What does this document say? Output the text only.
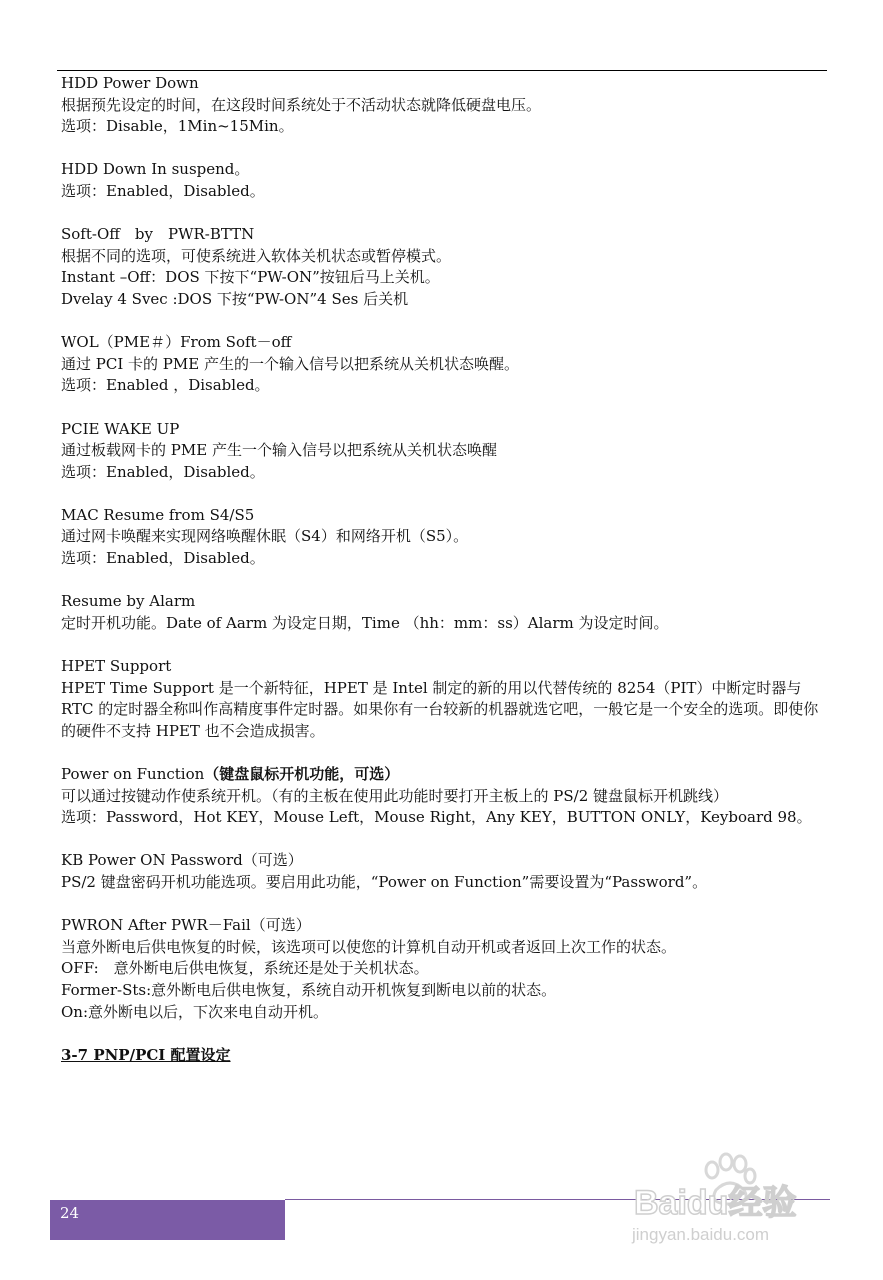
HDD Power Down
根据预先设定的时间，在这段时间系统处于不活动状态就降低硬盘电压。
选项：Disable，1Min~15Min。
HDD Down In suspend。
选项：Enabled，Disabled。
Soft-Off　by　PWR-BTTN
根据不同的选项，可使系统进入软体关机状态或暂停模式。
Instant –Off：DOS 下按下“PW-ON”按钮后马上关机。
Dvelay 4 Svec :DOS 下按“PW-ON”4 Ses 后关机
WOL（PME＃）From Soft－off
通过 PCI 卡的 PME 产生的一个输入信号以把系统从关机状态唤醒。
选项：Enabled ，Disabled。
PCIE WAKE UP
通过板载网卡的 PME 产生一个输入信号以把系统从关机状态唤醒
选项：Enabled，Disabled。
MAC Resume from S4/S5
通过网卡唤醒来实现网络唤醒休眠（S4）和网络开机（S5）。
选项：Enabled，Disabled。
Resume by Alarm
定时开机功能。Date of Aarm 为设定日期，Time （hh：mm：ss）Alarm 为设定时间。
HPET Support
HPET Time Support 是一个新特征，HPET 是 Intel 制定的新的用以代替传统的 8254（PIT）中断定时器与 RTC 的定时器全称叫作高精度事件定时器。如果你有一台较新的机器就选它吧，一般它是一个安全的选项。即使你的硬件不支持 HPET 也不会造成损害。
Power on Function（键盘鼠标开机功能，可选）
可以通过按键动作使系统开机。（有的主板在使用此功能时要打开主板上的 PS/2 键盘鼠标开机跳线）
选项：Password，Hot KEY，Mouse Left，Mouse Right，Any KEY，BUTTON ONLY，Keyboard 98。
KB Power ON Password（可选）
PS/2 键盘密码开机功能选项。要启用此功能，“Power on Function”需要设置为“Password”。
PWRON After PWR－Fail（可选）
当意外断电后供电恢复的时候，该选项可以使您的计算机自动开机或者返回上次工作的状态。
OFF:　意外断电后供电恢复，系统还是处于关机状态。
Former-Sts:意外断电后供电恢复，系统自动开机恢复到断电以前的状态。
On:意外断电以后，下次来电自动开机。
3-7 PNP/PCI 配置设定
24	Baidu经验
jingyan.baidu.com
